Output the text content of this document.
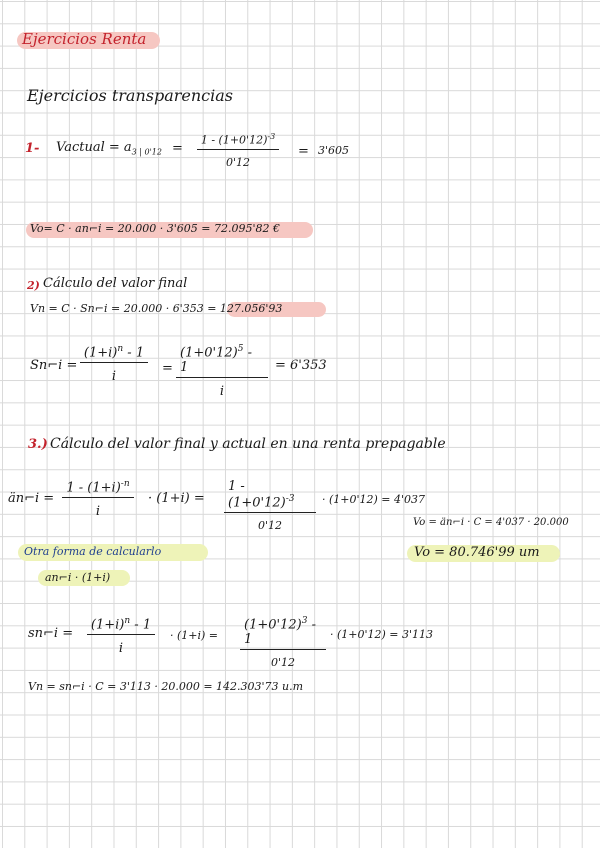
Ejercicios Renta
Ejercicios transparencias
1- Vactual = $a_{3 | 0'12} = \frac{1 - (1+0'12)^{-3}}{0'12} = 3'605$
Vo= C · an⌐i = 20.000 · 3'605 = 72.095'82 €
2) Cálculo del valor final
Vn = C · Sn⌐i = 20.000 · 6'353 = 127.056'93
Sn⌐i =
$\frac{(1+i)^n - 1}{i} = \frac{(1+0'12)^5 - 1}{i} = 6'353$
3.) Cálculo del valor final y actual en una renta prepagable
än⌐i = $\frac{1 - (1+i)^{-n}}{i} \cdot (1+i)$ =
$1 - (1+0'12)^{-3}$
0'12
· (1+0'12) = 4'037
Vo = än⌐i · C = 4'037 · 20.000
Otra forma de calcularlo	Vo = 80.746'99 um
an⌐i · (1+i)
sn⌐i = $\frac{(1+i)^n - 1}{i} \cdot (1+i)$ =
$(1+0'12)^3 - 1$
0'12
· (1+0'12) = 3'113
Vn = sn⌐i · C = 3'113 · 20.000 = 142.303'73 u.m
